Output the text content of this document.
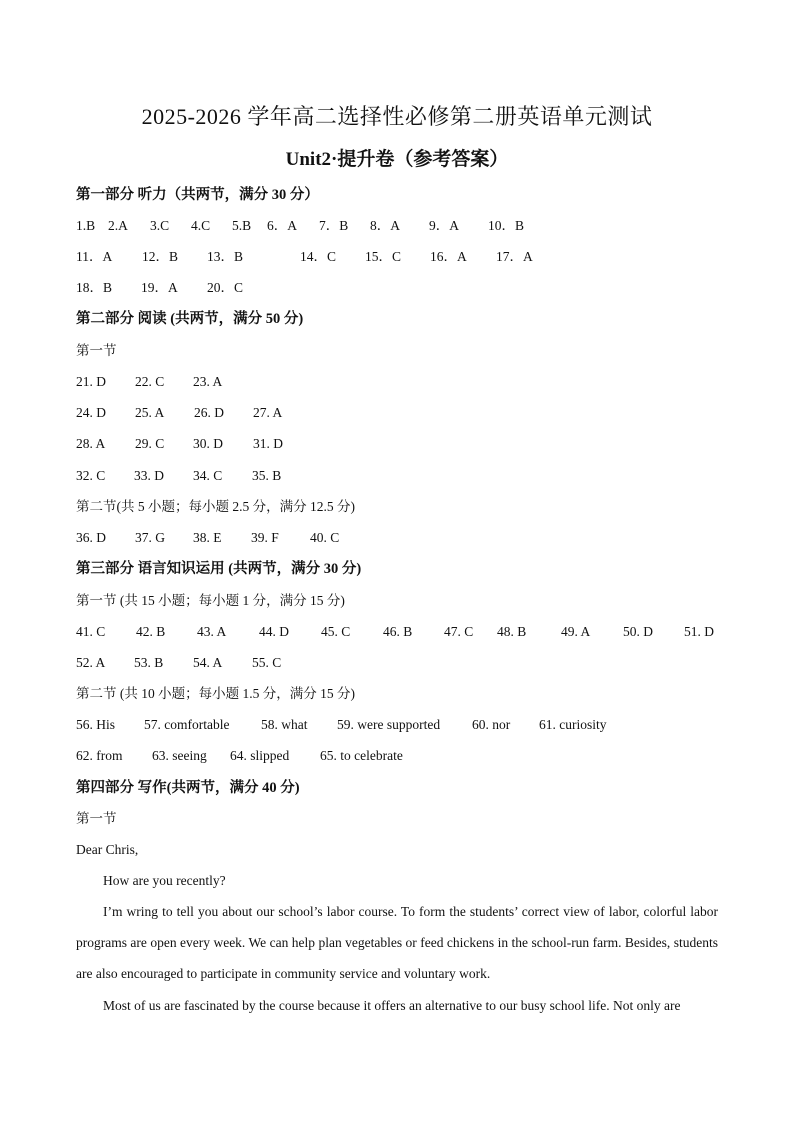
2025-2026 学年高二选择性必修第二册英语单元测试
Unit2·提升卷（参考答案）
第一部分 听力（共两节，满分 30 分）
1.B 2.A 3.C 4.C 5.B 6．A 7．B 8．A 9．A 10．B
11．A 12．B 13．B	14．C 15．C 16．A 17．A
18．B 19．A 20．C
第二部分 阅读 (共两节，满分 50 分)
第一节
21. D 22. C 23. A
24. D 25. A 26. D 27. A
28. A 29. C 30. D 31. D
32. C 33. D 34. C 35. B
第二节(共 5 小题；每小题 2.5 分，满分 12.5 分)
36. D 37. G 38. E 39. F 40. C
第三部分 语言知识运用 (共两节，满分 30 分)
第一节 (共 15 小题；每小题 1 分，满分 15 分)
41. C 42. B 43. A 44. D 45. C 46. B 47. C 48. B	49. A 50. D 51. D
52. A 53. B 54. A 55. C
第二节 (共 10 小题；每小题 1.5 分，满分 15 分)
56. His 57. comfortable 58. what 59. were supported 60. nor 61. curiosity
62. from 63. seeing 64. slipped 65. to celebrate
第四部分 写作(共两节，满分 40 分)
第一节
Dear Chris,
How are you recently?
I’m wring to tell you about our school’s labor course. To form the students’ correct view of labor, colorful labor programs are open every week. We can help plan vegetables or feed chickens in the school-run farm. Besides, students are also encouraged to participate in community service and voluntary work.
Most of us are fascinated by the course because it offers an alternative to our busy school life. Not only are
